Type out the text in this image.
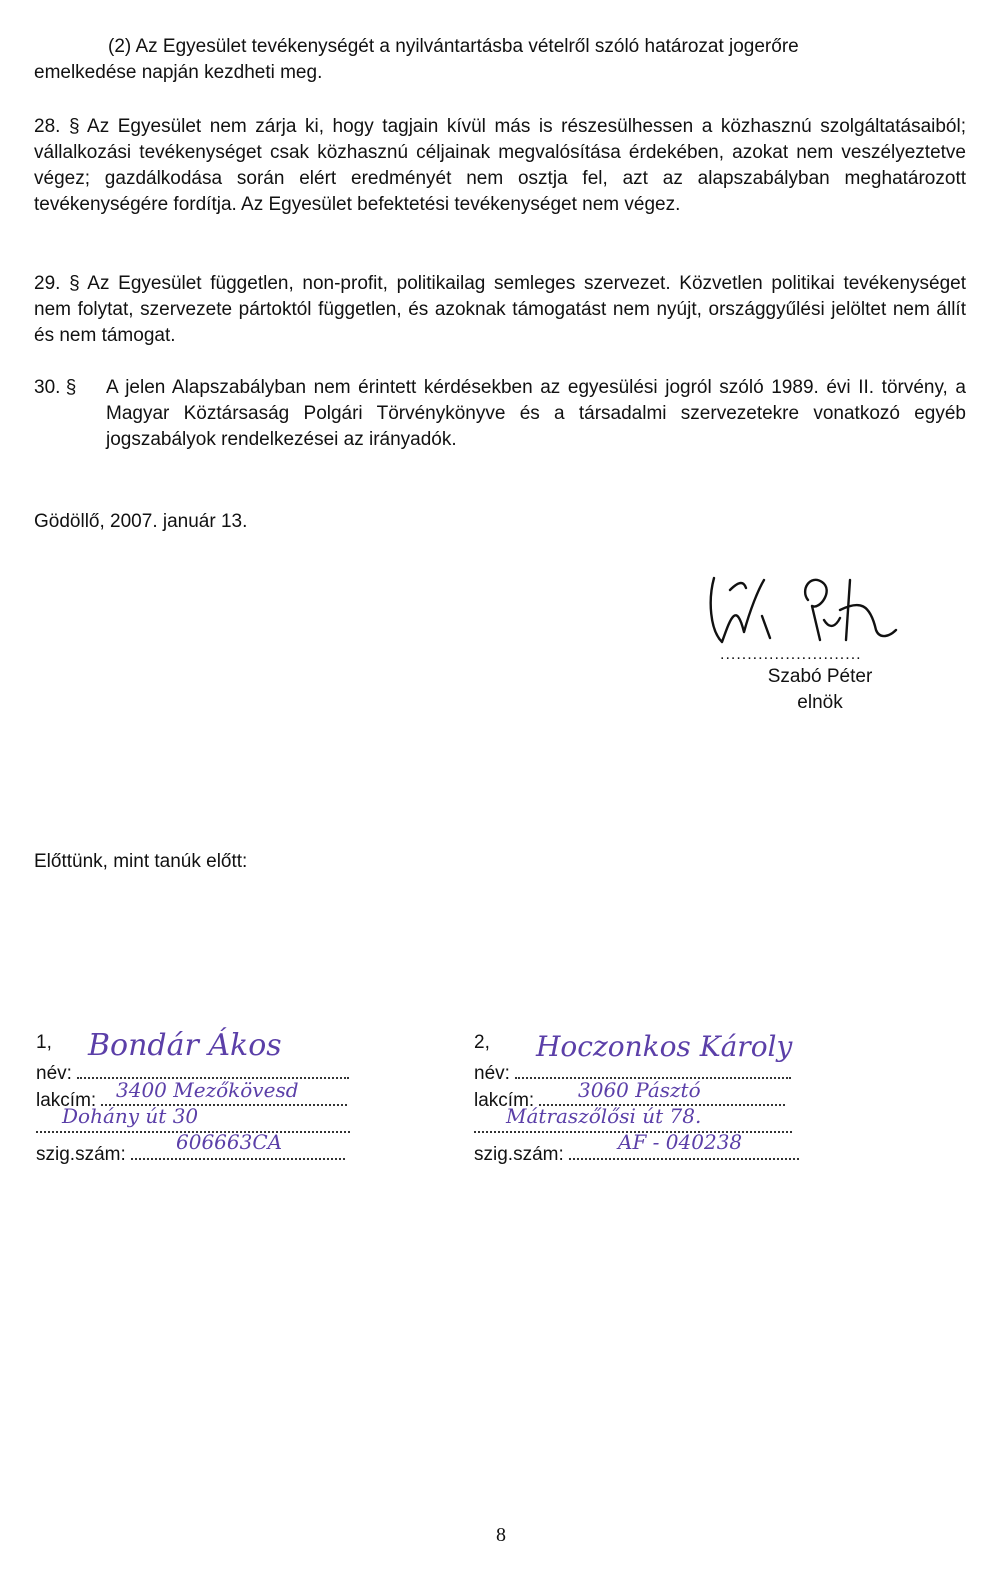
(2) Az Egyesület tevékenységét a nyilvántartásba vételről szóló határozat jogerőre
emelkedése napján kezdheti meg.
28. § Az Egyesület nem zárja ki, hogy tagjain kívül más is részesülhessen a közhasznú szolgáltatásaiból; vállalkozási tevékenységet csak közhasznú céljainak megvalósítása érdekében, azokat nem veszélyeztetve végez; gazdálkodása során elért eredményét nem osztja fel, azt az alapszabályban meghatározott tevékenységére fordítja. Az Egyesület befektetési tevékenységet nem végez.
29. § Az Egyesület független, non-profit, politikailag semleges szervezet. Közvetlen politikai tevékenységet nem folytat, szervezete pártoktól független, és azoknak támogatást nem nyújt, országgyűlési jelöltet nem állít és nem támogat.
30. §	A jelen Alapszabályban nem érintett kérdésekben az egyesülési jogról szóló 1989. évi II. törvény, a Magyar Köztársaság Polgári Törvénykönyve és a társadalmi szervezetekre vonatkozó egyéb jogszabályok rendelkezései az irányadók.
Gödöllő, 2007. január 13.
..........................
Szabó Péter
elnök
Előttünk, mint tanúk előtt:
1,
név:
lakcím:
szig.szám:
Bondár Ákos
3400 Mezőkövesd
Dohány út 30
606663CA
2,
név:
lakcím:
szig.szám:
Hoczonkos Károly
3060 Pásztó
Mátraszőlősi út 78.
AF - 040238
8
